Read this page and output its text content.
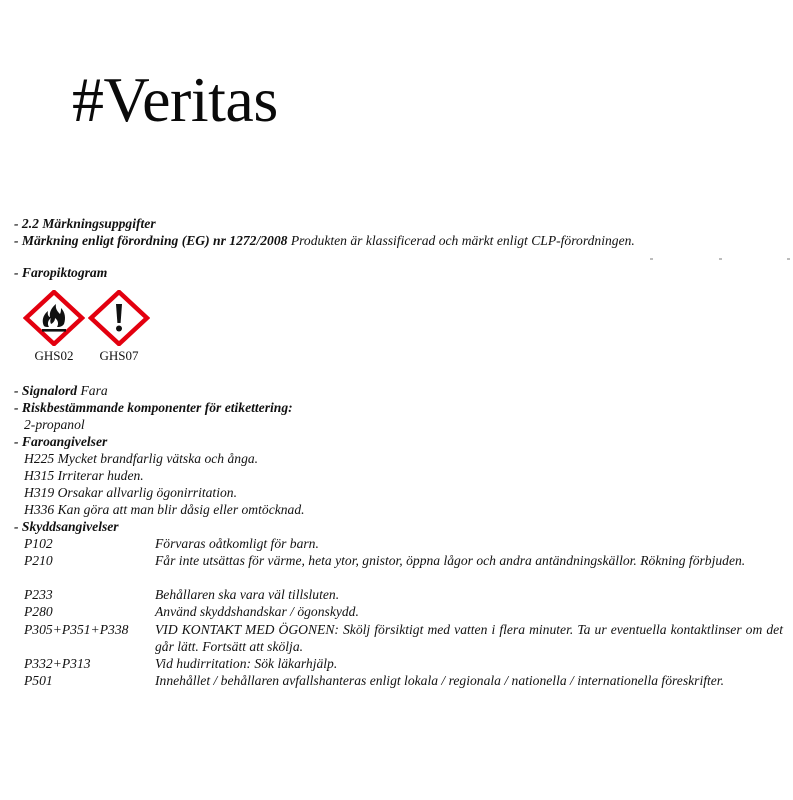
#Veritas
- 2.2 Märkningsuppgifter
- Märkning enligt förordning (EG) nr 1272/2008 Produkten är klassificerad och märkt enligt CLP-förordningen.
- Faropiktogram
GHS02	GHS07
- Signalord Fara
- Riskbestämmande komponenter för etikettering:
2-propanol
- Faroangivelser
H225 Mycket brandfarlig vätska och ånga.
H315 Irriterar huden.
H319 Orsakar allvarlig ögonirritation.
H336 Kan göra att man blir dåsig eller omtöcknad.
- Skyddsangivelser
P102	Förvaras oåtkomligt för barn.
P210	Får inte utsättas för värme, heta ytor, gnistor, öppna lågor och andra antändningskällor. Rökning förbjuden.
P233	Behållaren ska vara väl tillsluten.
P280	Använd skyddshandskar / ögonskydd.
P305+P351+P338 VID KONTAKT MED ÖGONEN: Skölj försiktigt med vatten i flera minuter. Ta ur eventuella kontaktlinser om det går lätt. Fortsätt att skölja.
P332+P313	Vid hudirritation: Sök läkarhjälp.
P501	Innehållet / behållaren avfallshanteras enligt lokala / regionala / nationella / internationella föreskrifter.
